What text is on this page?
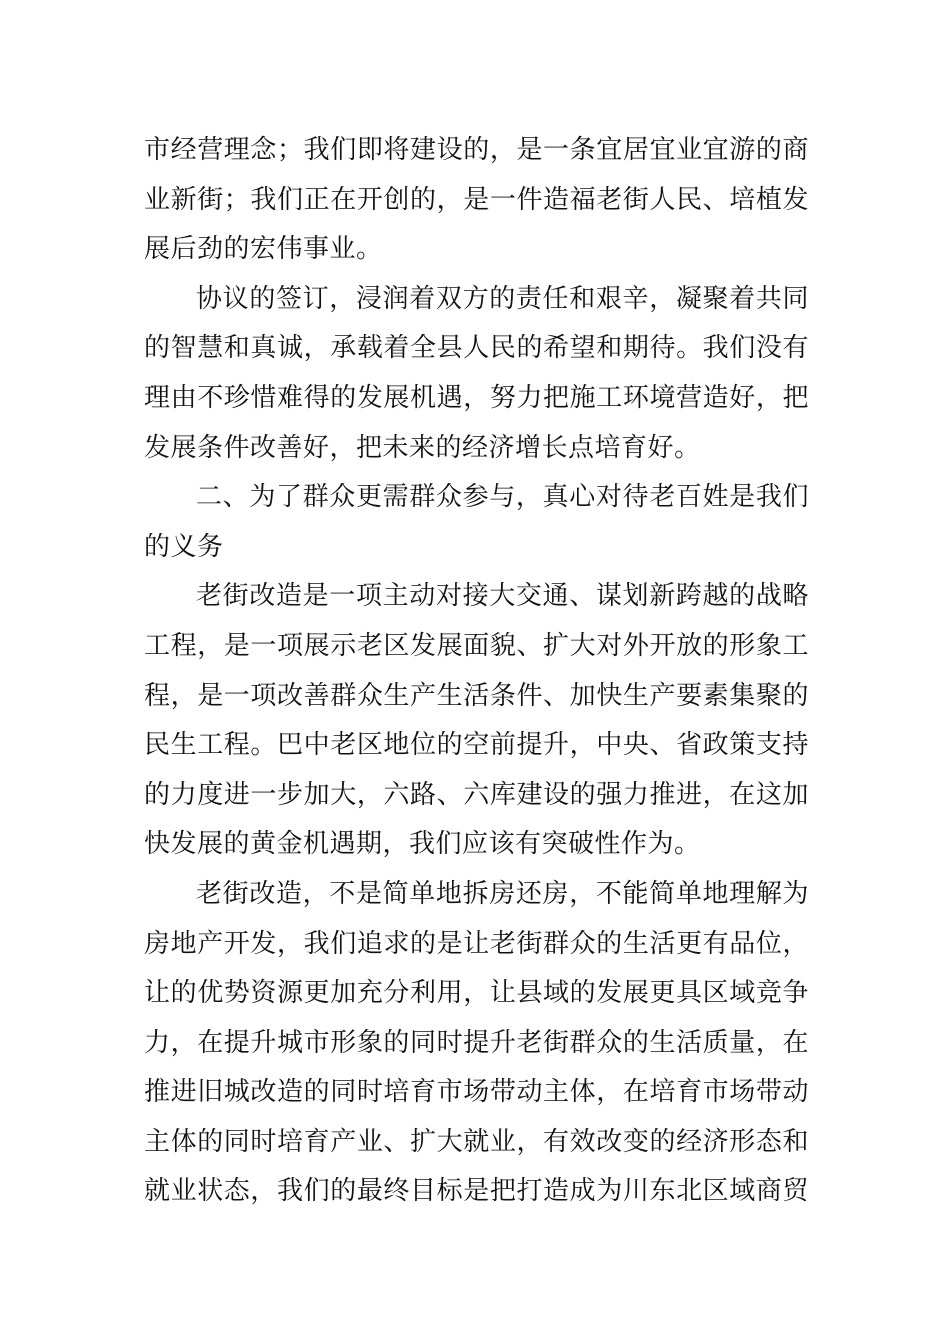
市经营理念；我们即将建设的，是一条宜居宜业宜游的商
业新街；我们正在开创的，是一件造福老街人民、培植发
展后劲的宏伟事业。
协议的签订，浸润着双方的责任和艰辛，凝聚着共同
的智慧和真诚，承载着全县人民的希望和期待。我们没有
理由不珍惜难得的发展机遇，努力把施工环境营造好，把
发展条件改善好，把未来的经济增长点培育好。
二、为了群众更需群众参与，真心对待老百姓是我们
的义务
老街改造是一项主动对接大交通、谋划新跨越的战略
工程，是一项展示老区发展面貌、扩大对外开放的形象工
程，是一项改善群众生产生活条件、加快生产要素集聚的
民生工程。巴中老区地位的空前提升，中央、省政策支持
的力度进一步加大，六路、六库建设的强力推进，在这加
快发展的黄金机遇期，我们应该有突破性作为。
老街改造，不是简单地拆房还房，不能简单地理解为
房地产开发，我们追求的是让老街群众的生活更有品位，
让的优势资源更加充分利用，让县域的发展更具区域竞争
力，在提升城市形象的同时提升老街群众的生活质量，在
推进旧城改造的同时培育市场带动主体，在培育市场带动
主体的同时培育产业、扩大就业，有效改变的经济形态和
就业状态，我们的最终目标是把打造成为川东北区域商贸
